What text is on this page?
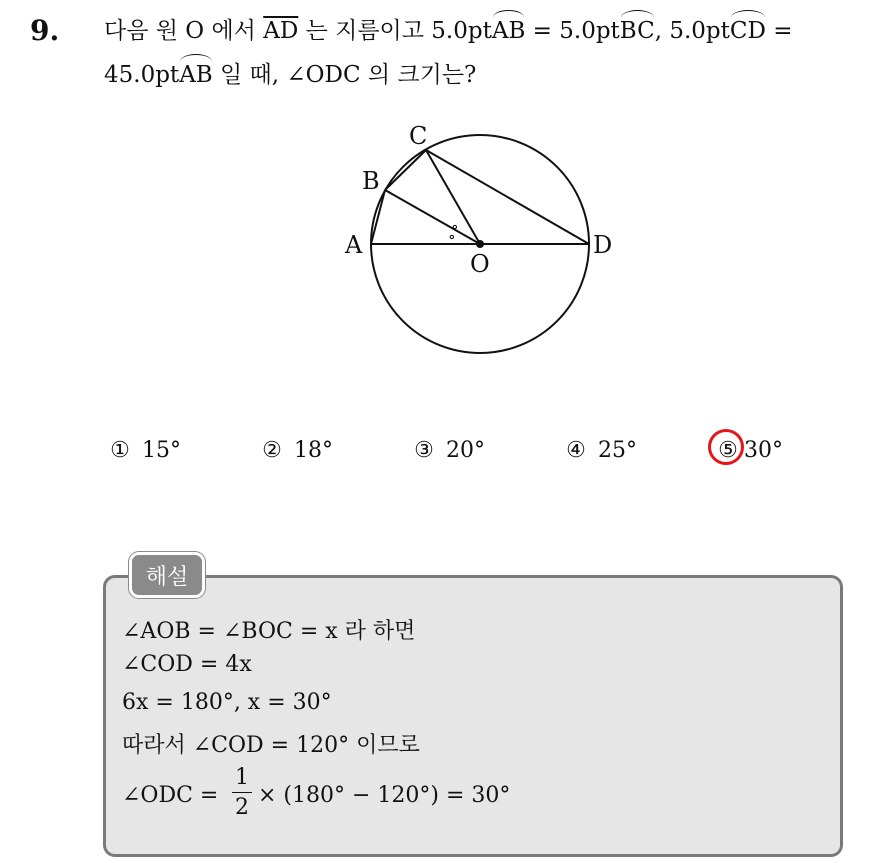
9. 다음 원 O 에서 $\overline{AD}$ 는 지름이고 5.0ptAB = 5.0ptBC, 5.0ptCD =
45.0ptAB 일 때, ∠ODC 의 크기는?
∘
∘
A
B
C
D
O
① 15°	② 18°	③ 20°	④ 25°	⑤ 30°
해설
∠AOB = ∠BOC = x 라 하면
∠COD = 4x
6x = 180°, x = 30°
따라서 ∠COD = 120° 이므로
∠ODC = $\frac{1}{2} \times (180^\circ - 120^\circ) = 30^\circ$
